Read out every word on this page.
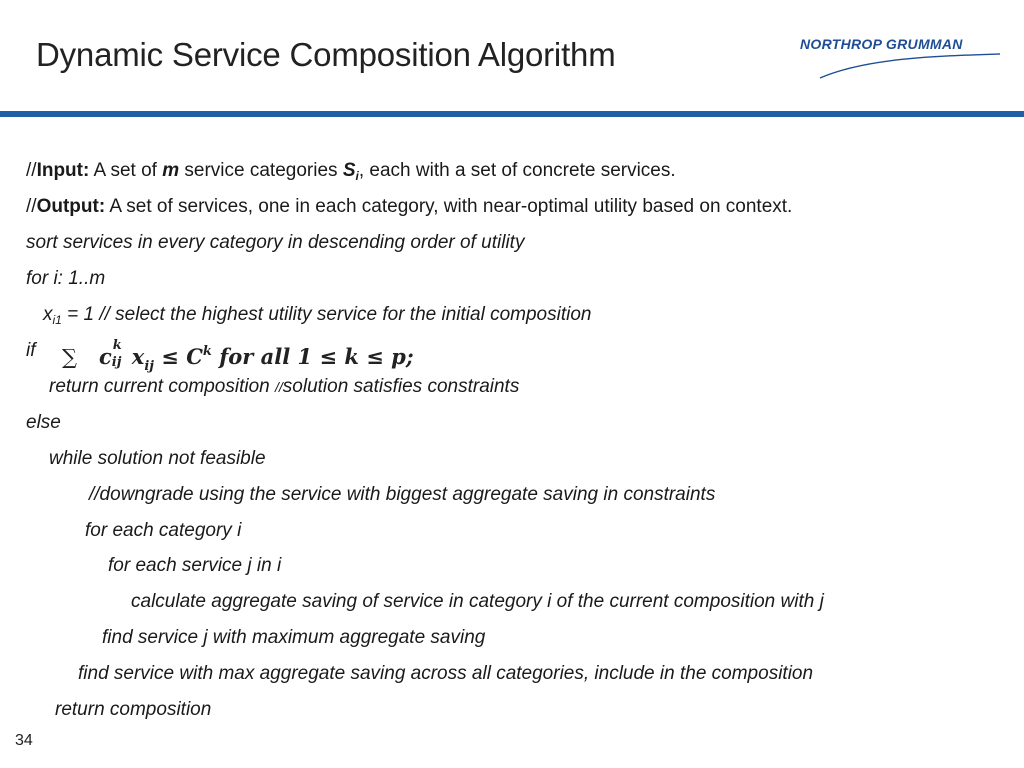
Dynamic Service Composition Algorithm	NORTHROP GRUMMAN
//Input: A set of m service categories $S_i$, each with a set of concrete services.
//Output: A set of services, one in each category, with near-optimal utility based on context.
sort services in every category in descending order of utility
for i: 1..m
$x_{i1} = 1$ // select the highest utility service for the initial composition
if ∑ c k
ij $x_{ij} \le C^k$ for all 1 ≤ k ≤ p;
return current composition //solution satisfies constraints
else
while solution not feasible
//downgrade using the service with biggest aggregate saving in constraints
for each category i
for each service j in i
calculate aggregate saving of service in category i of the current composition with j
find service j with maximum aggregate saving
find service with max aggregate saving across all categories, include in the composition
return composition
34
